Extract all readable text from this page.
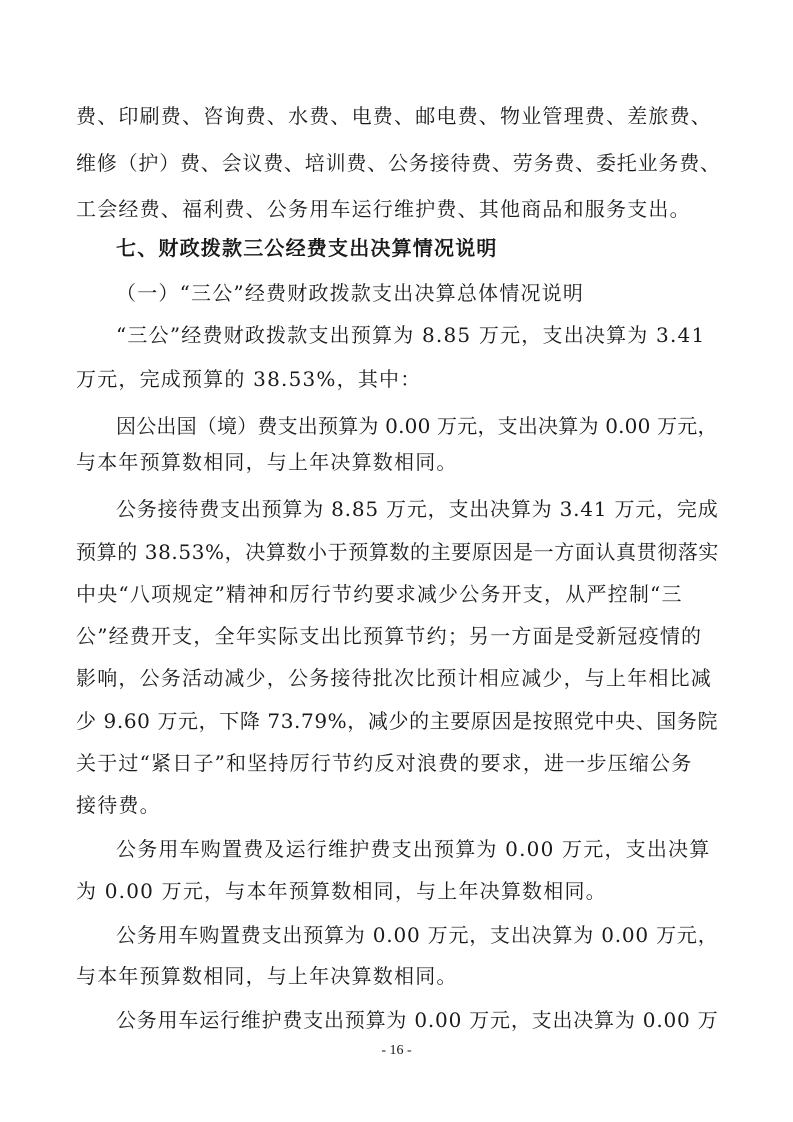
费、印刷费、咨询费、水费、电费、邮电费、物业管理费、差旅费、
维修（护）费、会议费、培训费、公务接待费、劳务费、委托业务费、
工会经费、福利费、公务用车运行维护费、其他商品和服务支出。
七、财政拨款三公经费支出决算情况说明
（一）“三公”经费财政拨款支出决算总体情况说明
“三公”经费财政拨款支出预算为 8.85 万元，支出决算为 3.41
万元，完成预算的 38.53%，其中：
因公出国（境）费支出预算为 0.00 万元，支出决算为 0.00 万元，
与本年预算数相同，与上年决算数相同。
公务接待费支出预算为 8.85 万元，支出决算为 3.41 万元，完成
预算的 38.53%，决算数小于预算数的主要原因是一方面认真贯彻落实
中央“八项规定”精神和厉行节约要求减少公务开支，从严控制“三
公”经费开支，全年实际支出比预算节约；另一方面是受新冠疫情的
影响，公务活动减少，公务接待批次比预计相应减少，与上年相比减
少 9.60 万元，下降 73.79%，减少的主要原因是按照党中央、国务院
关于过“紧日子”和坚持厉行节约反对浪费的要求，进一步压缩公务
接待费。
公务用车购置费及运行维护费支出预算为 0.00 万元，支出决算
为 0.00 万元，与本年预算数相同，与上年决算数相同。
公务用车购置费支出预算为 0.00 万元，支出决算为 0.00 万元，
与本年预算数相同，与上年决算数相同。
公务用车运行维护费支出预算为 0.00 万元，支出决算为 0.00 万
- 16 -
